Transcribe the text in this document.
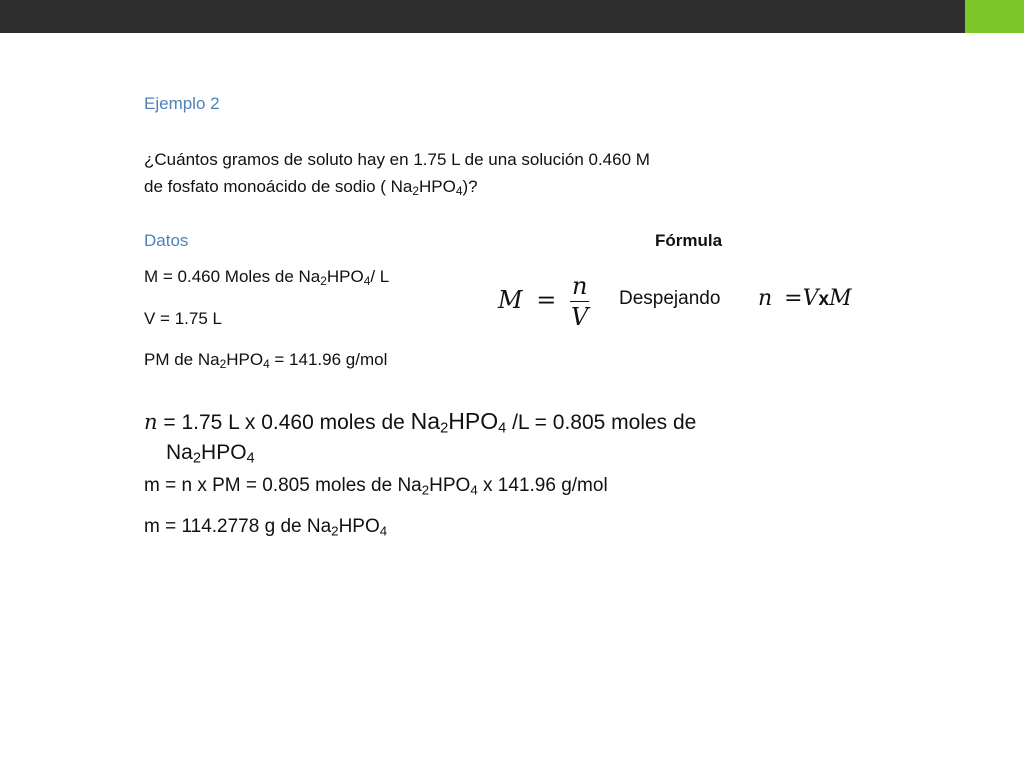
Ejemplo 2
¿Cuántos gramos de soluto hay en 1.75 L de una solución 0.460 M
de fosfato monoácido de sodio ( $Na_2HPO_4$)?
Datos
M = 0.460 Moles de $Na_2HPO_4/$ L
V = 1.75 L
PM de $Na_2HPO_4 = 141.96$ g/mol
Fórmula
$M = \frac{n}{V}$ Despejando n =VxM
n = 1.75 L x 0.460 moles de $Na_2HPO_4$ /L = 0.805 moles de
$Na_2HPO_4$
m = n x PM = 0.805 moles de $Na_2HPO_4$ x 141.96 g/mol
m = 114.2778 g de $Na_2HPO_4$
